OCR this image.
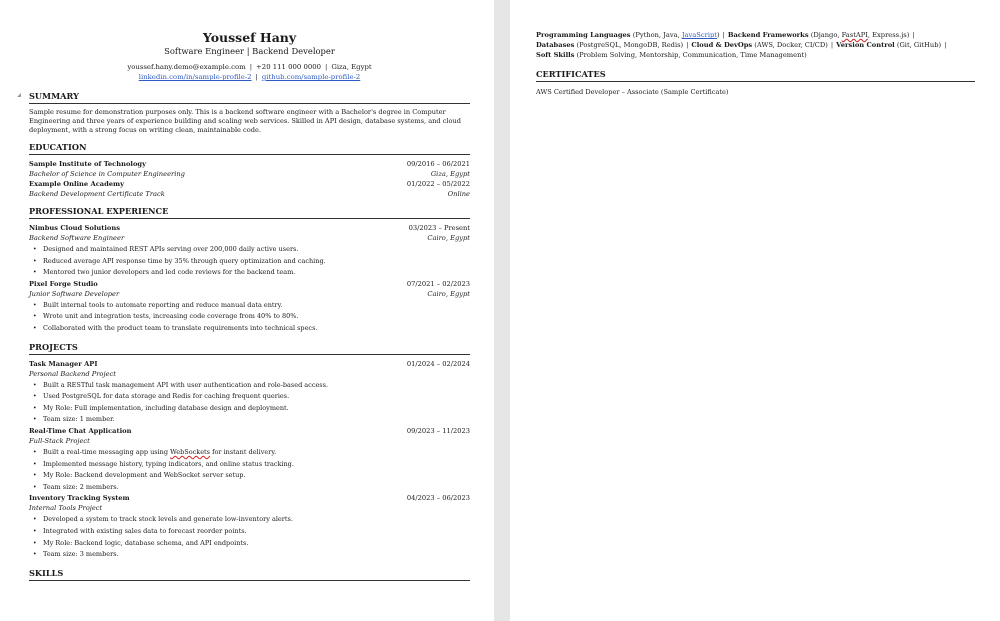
Youssef Hany
Software Engineer | Backend Developer
youssef.hany.demo@example.com | +20 111 000 0000 | Giza, Egypt
linkedin.com/in/sample-profile-2 | github.com/sample-profile-2
SUMMARY
Sample resume for demonstration purposes only. This is a backend software engineer with a Bachelor's degree in Computer Engineering and three years of experience building and scaling web services. Skilled in API design, database systems, and cloud deployment, with a strong focus on writing clean, maintainable code.
EDUCATION
Sample Institute of Technology	09/2016 – 06/2021
Bachelor of Science in Computer Engineering	Giza, Egypt
Example Online Academy	01/2022 – 05/2022
Backend Development Certificate Track	Online
PROFESSIONAL EXPERIENCE
Nimbus Cloud Solutions	03/2023 – Present
Backend Software Engineer	Cairo, Egypt
• Designed and maintained REST APIs serving over 200,000 daily active users.
• Reduced average API response time by 35% through query optimization and caching.
• Mentored two junior developers and led code reviews for the backend team.
Pixel Forge Studio	07/2021 – 02/2023
Junior Software Developer	Cairo, Egypt
• Built internal tools to automate reporting and reduce manual data entry.
• Wrote unit and integration tests, increasing code coverage from 40% to 80%.
• Collaborated with the product team to translate requirements into technical specs.
PROJECTS
Task Manager API	01/2024 – 02/2024
Personal Backend Project
• Built a RESTful task management API with user authentication and role-based access.
• Used PostgreSQL for data storage and Redis for caching frequent queries.
• My Role: Full implementation, including database design and deployment.
• Team size: 1 member.
Real-Time Chat Application	09/2023 – 11/2023
Full-Stack Project
• Built a real-time messaging app using WebSockets for instant delivery.
• Implemented message history, typing indicators, and online status tracking.
• My Role: Backend development and WebSocket server setup.
• Team size: 2 members.
Inventory Tracking System	04/2023 – 06/2023
Internal Tools Project
• Developed a system to track stock levels and generate low-inventory alerts.
• Integrated with existing sales data to forecast reorder points.
• My Role: Backend logic, database schema, and API endpoints.
• Team size: 3 members.
SKILLS
Programming Languages (Python, Java, JavaScript) | Backend Frameworks (Django, FastAPI, Express.js) |
Databases (PostgreSQL, MongoDB, Redis) | Cloud & DevOps (AWS, Docker, CI/CD) | Version Control (Git, GitHub) |
Soft Skills (Problem Solving, Mentorship, Communication, Time Management)
CERTIFICATES
AWS Certified Developer – Associate (Sample Certificate)
